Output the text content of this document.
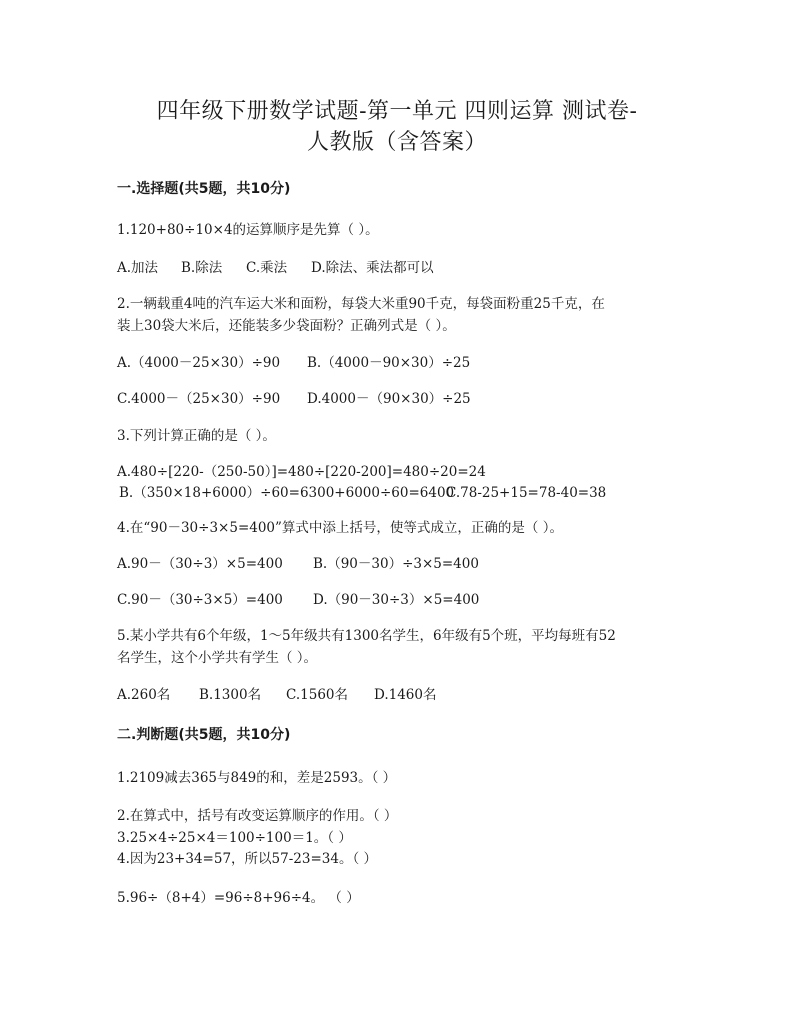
四年级下册数学试题-第一单元 四则运算 测试卷-
人教版（含答案）
一.选择题(共5题，共10分)
1.120+80÷10×4的运算顺序是先算（ ）。
A.加法 B.除法 C.乘法 D.除法、乘法都可以
2.一辆载重4吨的汽车运大米和面粉，每袋大米重90千克，每袋面粉重25千克，在
装上30袋大米后，还能装多少袋面粉？正确列式是（ ）。
A.（4000－25×30）÷90 B.（4000－90×30）÷25
C.4000－（25×30）÷90 D.4000－（90×30）÷25
3.下列计算正确的是（ ）。
A.480÷[220-（250-50）]=480÷[220-200]=480÷20=24
B.（350×18+6000）÷60=6300+6000÷60=6400
C.78-25+15=78-40=38
4.在“90－30÷3×5=400”算式中添上括号，使等式成立，正确的是（ ）。
A.90－（30÷3）×5=400 B.（90－30）÷3×5=400
C.90－（30÷3×5）=400 D.（90－30÷3）×5=400
5.某小学共有6个年级，1～5年级共有1300名学生，6年级有5个班，平均每班有52
名学生，这个小学共有学生（ ）。
A.260名 B.1300名 C.1560名 D.1460名
二.判断题(共5题，共10分)
1.2109减去365与849的和，差是2593。（ ）
2.在算式中，括号有改变运算顺序的作用。（ ）
3.25×4÷25×4＝100÷100＝1。（ ）
4.因为23+34=57，所以57-23=34。（ ）
5.96÷（8+4）=96÷8+96÷4。 （ ）
